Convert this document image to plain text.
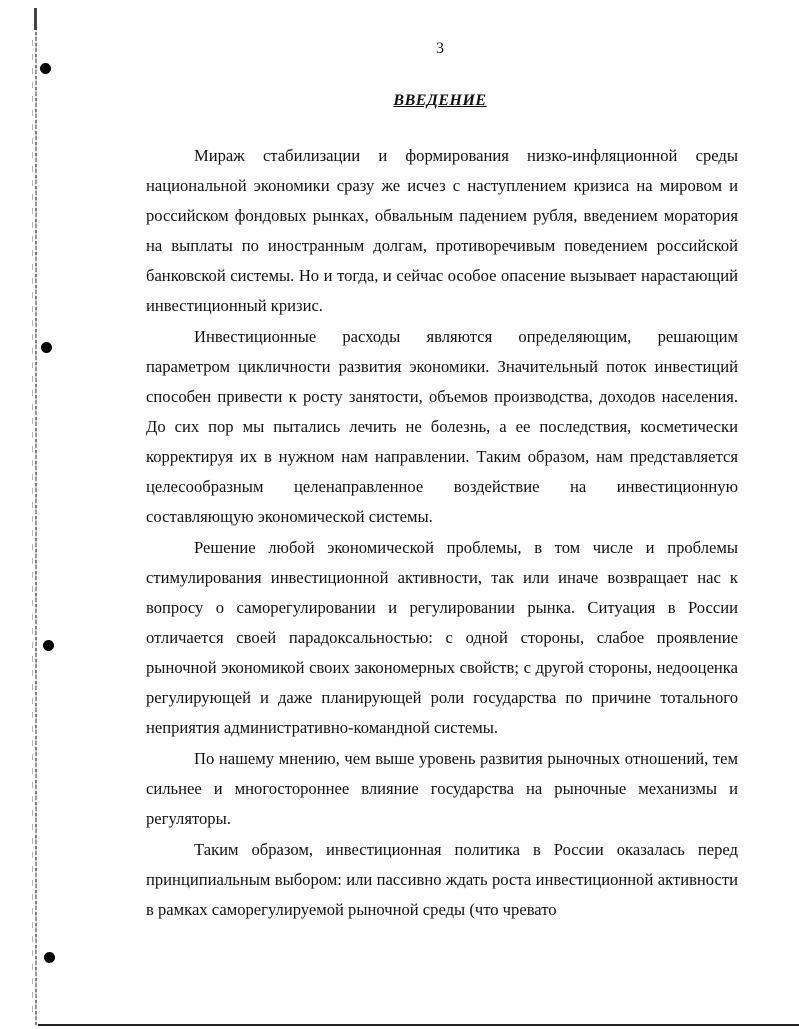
3
ВВЕДЕНИЕ

Мираж стабилизации и формирования низко-инфляционной среды национальной экономики сразу же исчез с наступлением кризиса на мировом и российском фондовых рынках, обвальным падением рубля, введением моратория на выплаты по иностранным долгам, противоречивым поведением российской банковской системы. Но и тогда, и сейчас особое опасение вызывает нарастающий инвестиционный кризис.

Инвестиционные расходы являются определяющим, решающим параметром цикличности развития экономики. Значительный поток инвестиций способен привести к росту занятости, объемов производства, доходов населения. До сих пор мы пытались лечить не болезнь, а ее последствия, косметически корректируя их в нужном нам направлении. Таким образом, нам представляется целесообразным целенаправленное воздействие на инвестиционную составляющую экономической системы.

Решение любой экономической проблемы, в том числе и проблемы стимулирования инвестиционной активности, так или иначе возвращает нас к вопросу о саморегулировании и регулировании рынка. Ситуация в России отличается своей парадоксальностью: с одной стороны, слабое проявление рыночной экономикой своих закономерных свойств; с другой стороны, недооценка регулирующей и даже планирующей роли государства по причине тотального неприятия административно-командной системы.

По нашему мнению, чем выше уровень развития рыночных отношений, тем сильнее и многостороннее влияние государства на рыночные механизмы и регуляторы.

Таким образом, инвестиционная политика в России оказалась перед принципиальным выбором: или пассивно ждать роста инвестиционной активности в рамках саморегулируемой рыночной среды (что чревато
